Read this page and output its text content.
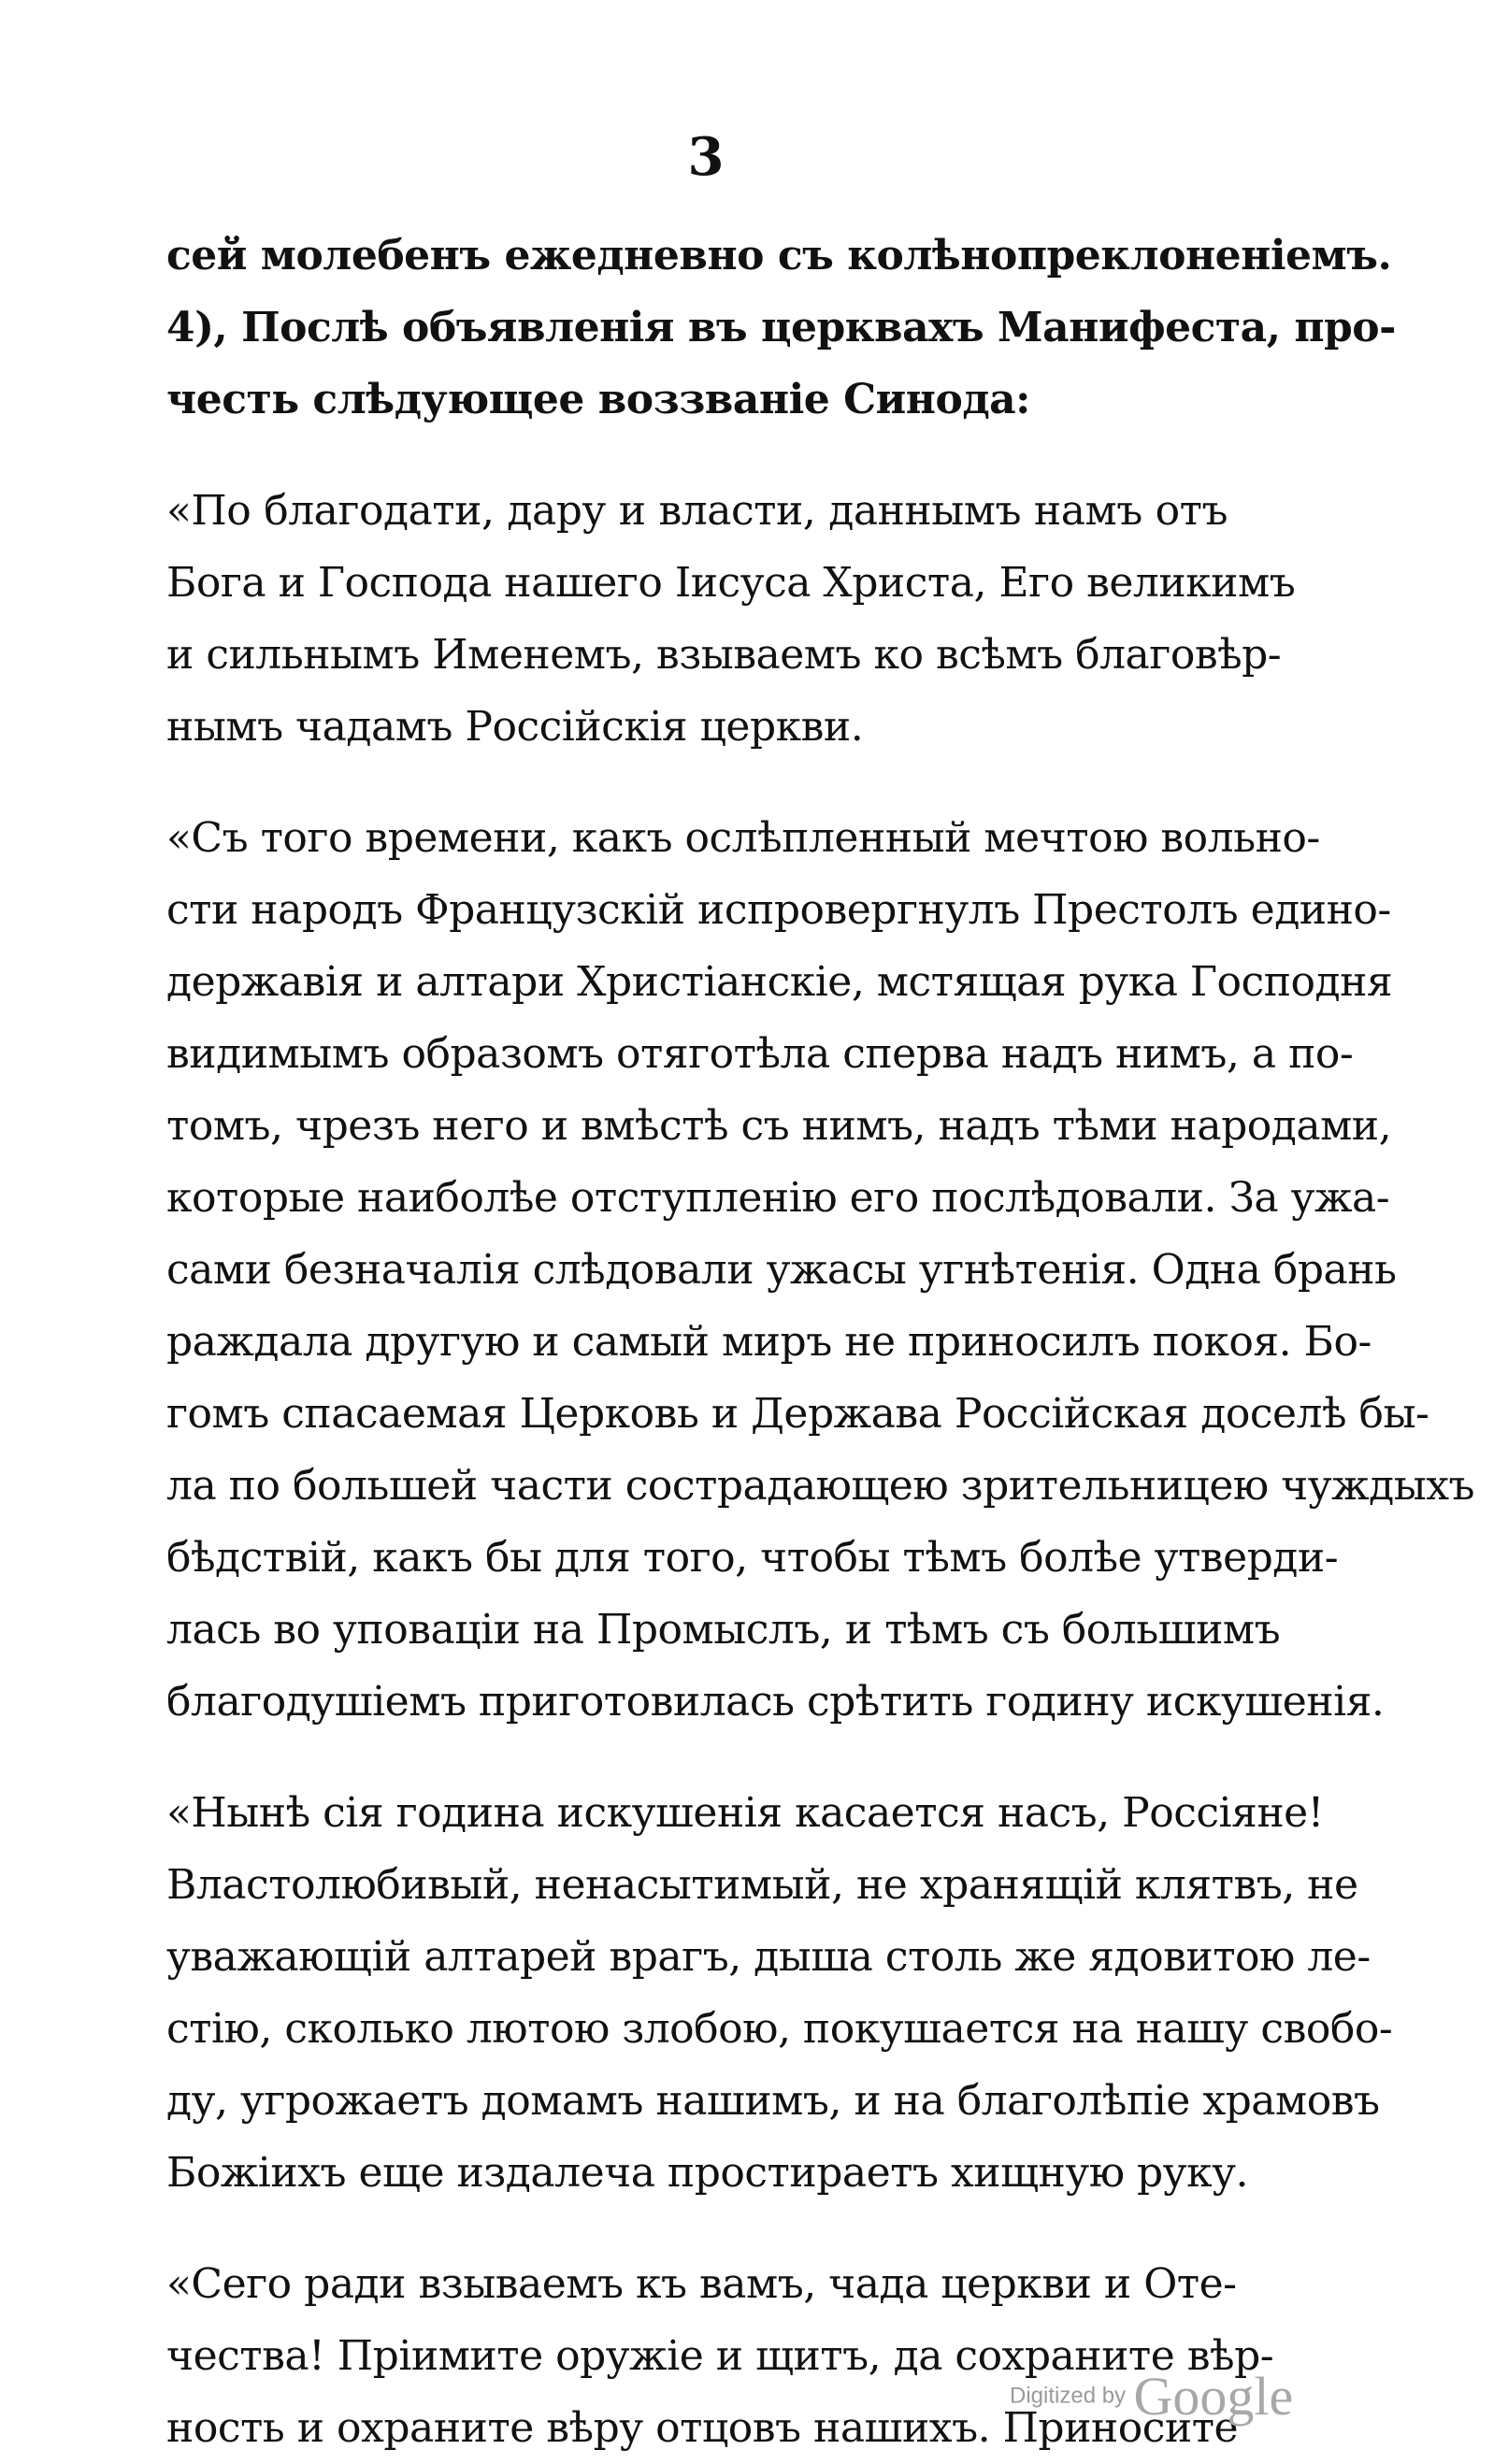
3
сей молебенъ ежедневно съ колѣнопреклоненіемъ.
4), Послѣ объявленія въ церквахъ Манифеста, про-
честь слѣдующее воззваніе Синода:
«По благодати, дару и власти, даннымъ намъ отъ
Бога и Господа нашего Іисуса Христа, Его великимъ
и сильнымъ Именемъ, взываемъ ко всѣмъ благовѣр-
нымъ чадамъ Россійскія церкви.
«Съ того времени, какъ ослѣпленный мечтою вольно-
сти народъ Французскій испровергнулъ Престолъ едино-
державія и алтари Христіанскіе, мстящая рука Господня
видимымъ образомъ отяготѣла сперва надъ нимъ, а по-
томъ, чрезъ него и вмѣстѣ съ нимъ, надъ тѣми народами,
которые наиболѣе отступленію его послѣдовали. За ужа-
сами безначалія слѣдовали ужасы угнѣтенія. Одна брань
раждала другую и самый миръ не приносилъ покоя. Бо-
гомъ спасаемая Церковь и Держава Россійская доселѣ бы-
ла по большей части сострадающею зрительницею чуждыхъ
бѣдствій, какъ бы для того, чтобы тѣмъ болѣе утверди-
лась во уповаціи на Промыслъ, и тѣмъ съ большимъ
благодушіемъ приготовилась срѣтить годину искушенія.
«Нынѣ сія година искушенія касается насъ, Россіяне!
Властолюбивый, ненасытимый, не хранящій клятвъ, не
уважающій алтарей врагъ, дыша столь же ядовитою ле-
стію, сколько лютою злобою, покушается на нашу свобо-
ду, угрожаетъ домамъ нашимъ, и на благолѣпіе храмовъ
Божіихъ еще издалеча простираетъ хищную руку.
«Сего ради взываемъ къ вамъ, чада церкви и Оте-
чества! Пріимите оружіе и щитъ, да сохраните вѣр-
ность и охраните вѣру отцовъ нашихъ. Приносите
Digitized by Google
